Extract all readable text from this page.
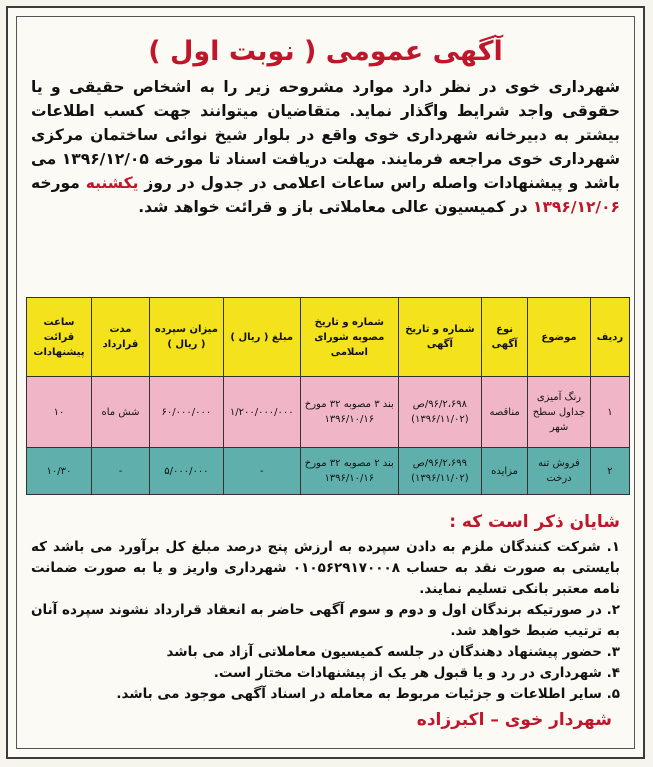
آگهی عمومی ( نوبت اول )
شهرداری خوی در نظر دارد موارد مشروحه زیر را به اشخاص حقیقی و یا حقوقی واجد شرایط واگذار نماید. متقاضیان میتوانند جهت کسب اطلاعات بیشتر به دبیرخانه شهرداری خوی واقع در بلوار شیخ نوائی ساختمان مرکزی شهرداری خوی مراجعه فرمایند. مهلت دریافت اسناد تا مورخه ۱۳۹۶/۱۲/۰۵ می باشد و پیشنهادات واصله راس ساعات اعلامی در جدول در روز یکشنبه مورخه ۱۳۹۶/۱۲/۰۶ در کمیسیون عالی معاملاتی باز و قرائت خواهد شد.
ردیف	موضوع	نوع آگهی	شماره و تاریخ آگهی	شماره و تاریخ مصوبه شورای اسلامی	مبلغ ( ریال )	میزان سپرده ( ریال )	مدت قرارداد	ساعت قرائت پیشنهادات
۱	رنگ آمیزی جداول سطح شهر	مناقصه	۹۶/۲،۶۹۸/ص (۱۳۹۶/۱۱/۰۲)	بند ۳ مصوبه ۳۲ مورخ ۱۳۹۶/۱۰/۱۶	۱/۲۰۰/۰۰۰/۰۰۰	۶۰/۰۰۰/۰۰۰	شش ماه	۱۰
۲	فروش تنه درخت	مزایده	۹۶/۲،۶۹۹/ص (۱۳۹۶/۱۱/۰۲)	بند ۲ مصوبه ۳۲ مورخ ۱۳۹۶/۱۰/۱۶	-	۵/۰۰۰/۰۰۰	-	۱۰/۳۰
شایان ذکر است که :

۱. شرکت کنندگان ملزم به دادن سپرده به ارزش پنج درصد مبلغ کل برآورد می باشد که بایستی به صورت نقد به حساب ۰۱۰۵۶۲۹۱۷۰۰۰۸ شهرداری واریز و یا به صورت ضمانت نامه معتبر بانکی تسلیم نمایند.

۲. در صورتیکه برندگان اول و دوم و سوم آگهی حاضر به انعقاد قرارداد نشوند سپرده آنان به ترتیب ضبط خواهد شد.

۳. حضور پیشنهاد دهندگان در جلسه کمیسیون معاملاتی آزاد می باشد

۴. شهرداری در رد و یا قبول هر یک از پیشنهادات مختار است.

۵. سایر اطلاعات و جزئیات مربوط به معامله در اسناد آگهی موجود می باشد.

شهردار خوی – اکبرزاده
